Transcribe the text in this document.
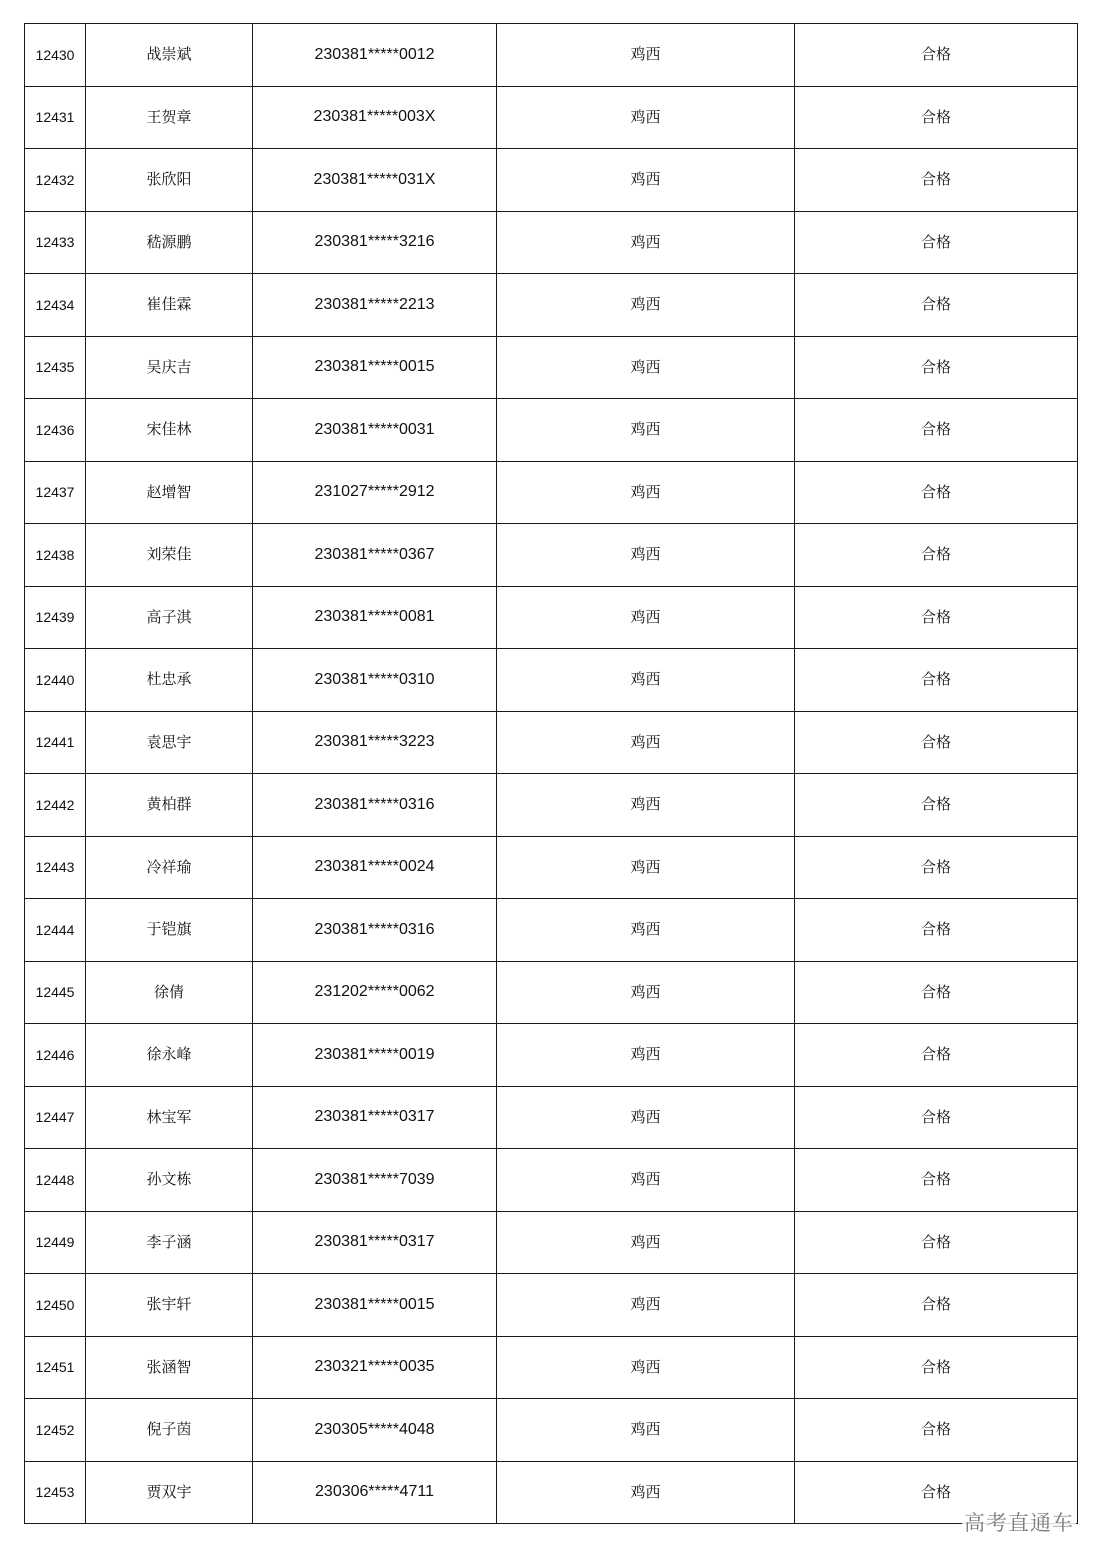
12430	战崇斌	230381*****0012	鸡西	合格
12431	王贺章	230381*****003X	鸡西	合格
12432	张欣阳	230381*****031X	鸡西	合格
12433	嵇源鹏	230381*****3216	鸡西	合格
12434	崔佳霖	230381*****2213	鸡西	合格
12435	吴庆吉	230381*****0015	鸡西	合格
12436	宋佳林	230381*****0031	鸡西	合格
12437	赵增智	231027*****2912	鸡西	合格
12438	刘荣佳	230381*****0367	鸡西	合格
12439	高子淇	230381*****0081	鸡西	合格
12440	杜忠承	230381*****0310	鸡西	合格
12441	袁思宇	230381*****3223	鸡西	合格
12442	黄柏群	230381*****0316	鸡西	合格
12443	冷祥瑜	230381*****0024	鸡西	合格
12444	于铠旗	230381*****0316	鸡西	合格
12445	徐倩	231202*****0062	鸡西	合格
12446	徐永峰	230381*****0019	鸡西	合格
12447	林宝军	230381*****0317	鸡西	合格
12448	孙文栋	230381*****7039	鸡西	合格
12449	李子涵	230381*****0317	鸡西	合格
12450	张宇轩	230381*****0015	鸡西	合格
12451	张涵智	230321*****0035	鸡西	合格
12452	倪子茵	230305*****4048	鸡西	合格
12453	贾双宇	230306*****4711	鸡西	合格
高考直通车
